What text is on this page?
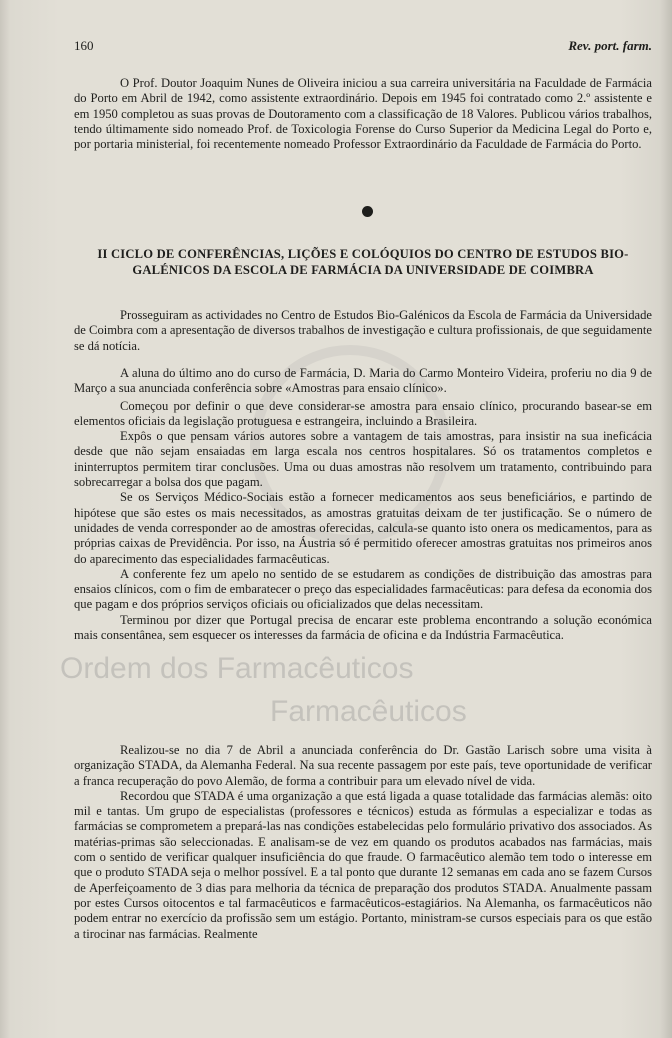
Ordem dos Farmacêuticos
Farmacêuticos
160	Rev. port. farm.

O Prof. Doutor Joaquim Nunes de Oliveira iniciou a sua carreira universitária na Faculdade de Farmácia do Porto em Abril de 1942, como assistente extraordinário. Depois em 1945 foi contratado como 2.º assistente e em 1950 completou as suas provas de Doutoramento com a classificação de 18 Valores. Publicou vários trabalhos, tendo últimamente sido nomeado Prof. de Toxicologia Forense do Curso Superior da Medicina Legal do Porto e, por portaria ministerial, foi recentemente nomeado Professor Extraordinário da Faculdade de Farmácia do Porto.

II CICLO DE CONFERÊNCIAS, LIÇÕES E COLÓQUIOS DO CENTRO DE ESTUDOS BIO-GALÉNICOS DA ESCOLA DE FARMÁCIA DA UNIVERSIDADE DE COIMBRA

Prosseguiram as actividades no Centro de Estudos Bio-Galénicos da Escola de Farmácia da Universidade de Coimbra com a apresentação de diversos trabalhos de investigação e cultura profissionais, de que seguidamente se dá notícia.

A aluna do último ano do curso de Farmácia, D. Maria do Carmo Monteiro Videira, proferiu no dia 9 de Março a sua anunciada conferência sobre «Amostras para ensaio clínico».

Começou por definir o que deve considerar-se amostra para ensaio clínico, procurando basear-se em elementos oficiais da legislação protuguesa e estrangeira, incluindo a Brasileira.

Expôs o que pensam vários autores sobre a vantagem de tais amostras, para insistir na sua ineficácia desde que não sejam ensaiadas em larga escala nos centros hospitalares. Só os tratamentos completos e ininterruptos permitem tirar conclusões. Uma ou duas amostras não resolvem um tratamento, contribuindo para sobrecarregar a bolsa dos que pagam.

Se os Serviços Médico-Sociais estão a fornecer medicamentos aos seus beneficiários, e partindo de hipótese que são estes os mais necessitados, as amostras gratuitas deixam de ter justificação. Se o número de unidades de venda corresponder ao de amostras oferecidas, calcula-se quanto isto onera os medicamentos, para as próprias caixas de Previdência. Por isso, na Áustria só é permitido oferecer amostras gratuitas nos primeiros anos do aparecimento das especialidades farmacêuticas.

A conferente fez um apelo no sentido de se estudarem as condições de distribuição das amostras para ensaios clínicos, com o fim de embaratecer o preço das especialidades farmacêuticas: para defesa da economia dos que pagam e dos próprios serviços oficiais ou oficializados que delas necessitam.

Terminou por dizer que Portugal precisa de encarar este problema encontrando a solução económica mais consentânea, sem esquecer os interesses da farmácia de oficina e da Indústria Farmacêutica.

Realizou-se no dia 7 de Abril a anunciada conferência do Dr. Gastão Larisch sobre uma visita à organização STADA, da Alemanha Federal. Na sua recente passagem por este país, teve oportunidade de verificar a franca recuperação do povo Alemão, de forma a contribuir para um elevado nível de vida.

Recordou que STADA é uma organização a que está ligada a quase totalidade das farmácias alemãs: oito mil e tantas. Um grupo de especialistas (professores e técnicos) estuda as fórmulas a especializar e todas as farmácias se comprometem a prepará-las nas condições estabelecidas pelo formulário privativo dos associados. As matérias-primas são seleccionadas. E analisam-se de vez em quando os produtos acabados nas farmácias, mais com o sentido de verificar qualquer insuficiência do que fraude. O farmacêutico alemão tem todo o interesse em que o produto STADA seja o melhor possível. E a tal ponto que durante 12 semanas em cada ano se fazem Cursos de Aperfeiçoamento de 3 dias para melhoria da técnica de preparação dos produtos STADA. Anualmente passam por estes Cursos oitocentos e tal farmacêuticos e farmacêuticos-estagiários. Na Alemanha, os farmacêuticos não podem entrar no exercício da profissão sem um estágio. Portanto, ministram-se cursos especiais para os que estão a tirocinar nas farmácias. Realmente
